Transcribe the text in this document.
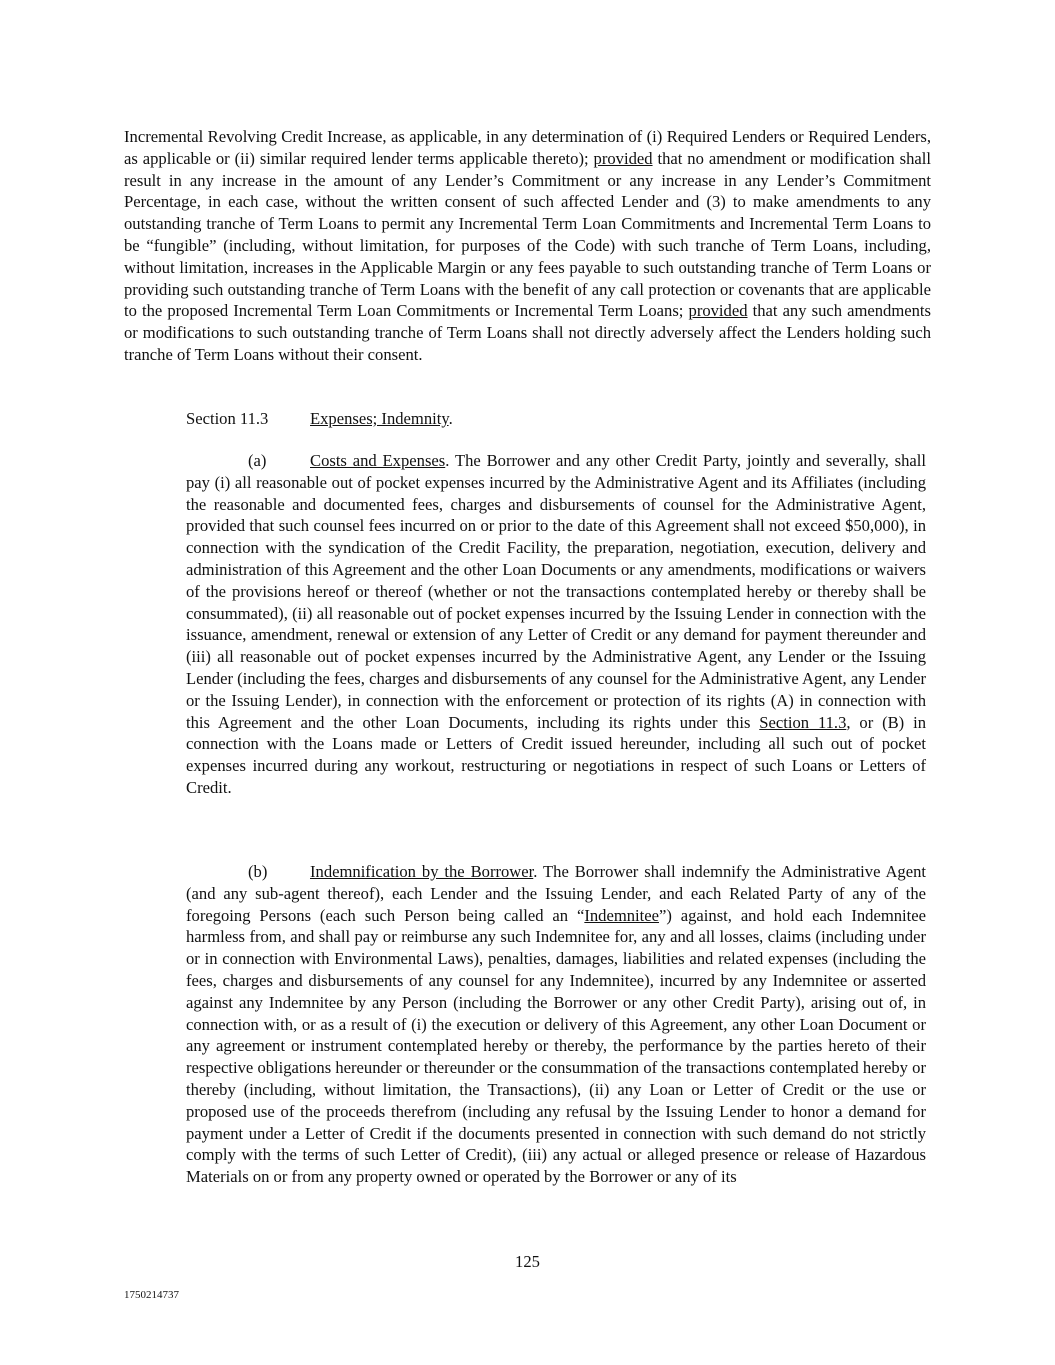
Incremental Revolving Credit Increase, as applicable, in any determination of (i) Required Lenders or Required Lenders, as applicable or (ii) similar required lender terms applicable thereto); provided that no amendment or modification shall result in any increase in the amount of any Lender’s Commitment or any increase in any Lender’s Commitment Percentage, in each case, without the written consent of such affected Lender and (3) to make amendments to any outstanding tranche of Term Loans to permit any Incremental Term Loan Commitments and Incremental Term Loans to be “fungible” (including, without limitation, for purposes of the Code) with such tranche of Term Loans, including, without limitation, increases in the Applicable Margin or any fees payable to such outstanding tranche of Term Loans or providing such outstanding tranche of Term Loans with the benefit of any call protection or covenants that are applicable to the proposed Incremental Term Loan Commitments or Incremental Term Loans; provided that any such amendments or modifications to such outstanding tranche of Term Loans shall not directly adversely affect the Lenders holding such tranche of Term Loans without their consent.

Section 11.3	Expenses; Indemnity.

(a)	Costs and Expenses. The Borrower and any other Credit Party, jointly and severally, shall pay (i) all reasonable out of pocket expenses incurred by the Administrative Agent and its Affiliates (including the reasonable and documented fees, charges and disbursements of counsel for the Administrative Agent, provided that such counsel fees incurred on or prior to the date of this Agreement shall not exceed $50,000), in connection with the syndication of the Credit Facility, the preparation, negotiation, execution, delivery and administration of this Agreement and the other Loan Documents or any amendments, modifications or waivers of the provisions hereof or thereof (whether or not the transactions contemplated hereby or thereby shall be consummated), (ii) all reasonable out of pocket expenses incurred by the Issuing Lender in connection with the issuance, amendment, renewal or extension of any Letter of Credit or any demand for payment thereunder and (iii) all reasonable out of pocket expenses incurred by the Administrative Agent, any Lender or the Issuing Lender (including the fees, charges and disbursements of any counsel for the Administrative Agent, any Lender or the Issuing Lender), in connection with the enforcement or protection of its rights (A) in connection with this Agreement and the other Loan Documents, including its rights under this Section 11.3, or (B) in connection with the Loans made or Letters of Credit issued hereunder, including all such out of pocket expenses incurred during any workout, restructuring or negotiations in respect of such Loans or Letters of Credit.

(b)	Indemnification by the Borrower. The Borrower shall indemnify the Administrative Agent (and any sub-agent thereof), each Lender and the Issuing Lender, and each Related Party of any of the foregoing Persons (each such Person being called an “Indemnitee”) against, and hold each Indemnitee harmless from, and shall pay or reimburse any such Indemnitee for, any and all losses, claims (including under or in connection with Environmental Laws), penalties, damages, liabilities and related expenses (including the fees, charges and disbursements of any counsel for any Indemnitee), incurred by any Indemnitee or asserted against any Indemnitee by any Person (including the Borrower or any other Credit Party), arising out of, in connection with, or as a result of (i) the execution or delivery of this Agreement, any other Loan Document or any agreement or instrument contemplated hereby or thereby, the performance by the parties hereto of their respective obligations hereunder or thereunder or the consummation of the transactions contemplated hereby or thereby (including, without limitation, the Transactions), (ii) any Loan or Letter of Credit or the use or proposed use of the proceeds therefrom (including any refusal by the Issuing Lender to honor a demand for payment under a Letter of Credit if the documents presented in connection with such demand do not strictly comply with the terms of such Letter of Credit), (iii) any actual or alleged presence or release of Hazardous Materials on or from any property owned or operated by the Borrower or any of its

125
1750214737
